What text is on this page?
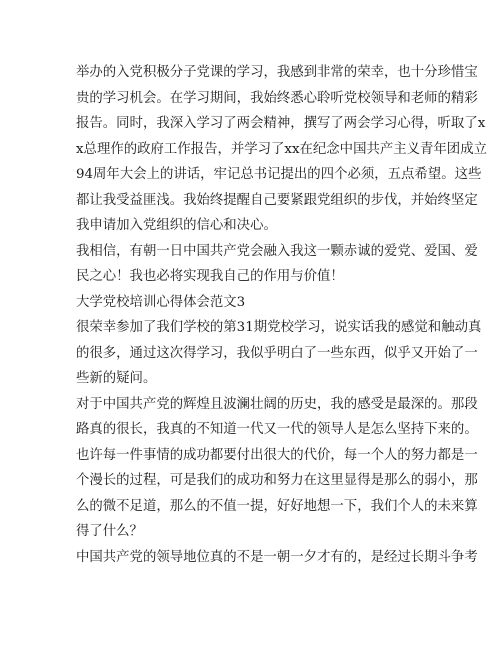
举办的入党积极分子党课的学习，我感到非常的荣幸，也十分珍惜宝
贵的学习机会。在学习期间，我始终悉心聆听党校领导和老师的精彩
报告。同时，我深入学习了两会精神，撰写了两会学习心得，听取了x
x总理作的政府工作报告，并学习了xx在纪念中国共产主义青年团成立
94周年大会上的讲话，牢记总书记提出的四个必须，五点希望。这些
都让我受益匪浅。我始终提醒自己要紧跟党组织的步伐，并始终坚定
我申请加入党组织的信心和决心。
我相信，有朝一日中国共产党会融入我这一颗赤诚的爱党、爱国、爱
民之心！我也必将实现我自己的作用与价值！
大学党校培训心得体会范文3
很荣幸参加了我们学校的第31期党校学习，说实话我的感觉和触动真
的很多，通过这次得学习，我似乎明白了一些东西，似乎又开始了一
些新的疑问。
对于中国共产党的辉煌且波澜壮阔的历史，我的感受是最深的。那段
路真的很长，我真的不知道一代又一代的领导人是怎么坚持下来的。
也许每一件事情的成功都要付出很大的代价，每一个人的努力都是一
个漫长的过程，可是我们的成功和努力在这里显得是那么的弱小，那
么的微不足道，那么的不值一提，好好地想一下，我们个人的未来算
得了什么？
中国共产党的领导地位真的不是一朝一夕才有的，是经过长期斗争考
